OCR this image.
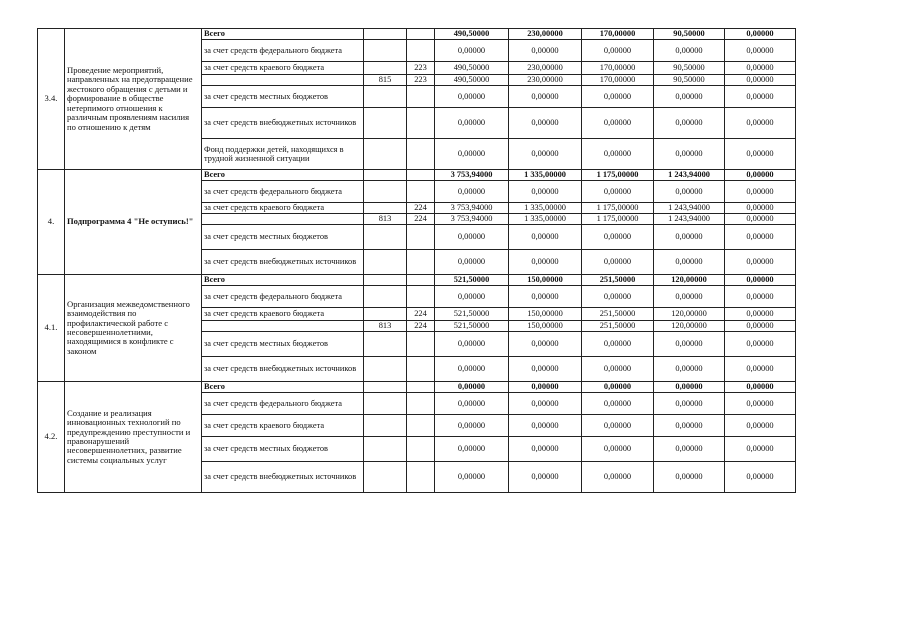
3.4.	Проведение мероприятий, направленных на предотвращение жестокого обращения с детьми и формирование в обществе нетерпимого отношения к различным проявлениям насилия по отношению к детям	Всего			490,50000	230,00000	170,00000	90,50000	0,00000
		за счет средств федерального бюджета			0,00000	0,00000	0,00000	0,00000	0,00000
		за счет средств краевого бюджета		223	490,50000	230,00000	170,00000	90,50000	0,00000
			815	223	490,50000	230,00000	170,00000	90,50000	0,00000
		за счет средств местных бюджетов			0,00000	0,00000	0,00000	0,00000	0,00000
		за счет средств внебюджетных источников			0,00000	0,00000	0,00000	0,00000	0,00000
		Фонд поддержки детей, находящихся в трудной жизненной ситуации			0,00000	0,00000	0,00000	0,00000	0,00000
4.	Подпрограмма 4 "Не оступись!"	Всего			3 753,94000	1 335,00000	1 175,00000	1 243,94000	0,00000
		за счет средств федерального бюджета			0,00000	0,00000	0,00000	0,00000	0,00000
		за счет средств краевого бюджета		224	3 753,94000	1 335,00000	1 175,00000	1 243,94000	0,00000
			813	224	3 753,94000	1 335,00000	1 175,00000	1 243,94000	0,00000
		за счет средств местных бюджетов			0,00000	0,00000	0,00000	0,00000	0,00000
		за счет средств внебюджетных источников			0,00000	0,00000	0,00000	0,00000	0,00000
4.1.	Организация межведомственного взаимодействия по профилактической работе с несовершеннолетними, находящимися в конфликте с законом	Всего			521,50000	150,00000	251,50000	120,00000	0,00000
		за счет средств федерального бюджета			0,00000	0,00000	0,00000	0,00000	0,00000
		за счет средств краевого бюджета		224	521,50000	150,00000	251,50000	120,00000	0,00000
			813	224	521,50000	150,00000	251,50000	120,00000	0,00000
		за счет средств местных бюджетов			0,00000	0,00000	0,00000	0,00000	0,00000
		за счет средств внебюджетных источников			0,00000	0,00000	0,00000	0,00000	0,00000
4.2.	Создание и реализация инновационных технологий по предупреждению преступности и правонарушений несовершеннолетних, развитие системы социальных услуг	Всего			0,00000	0,00000	0,00000	0,00000	0,00000
		за счет средств федерального бюджета			0,00000	0,00000	0,00000	0,00000	0,00000
		за счет средств краевого бюджета			0,00000	0,00000	0,00000	0,00000	0,00000
		за счет средств местных бюджетов			0,00000	0,00000	0,00000	0,00000	0,00000
		за счет средств внебюджетных источников			0,00000	0,00000	0,00000	0,00000	0,00000
